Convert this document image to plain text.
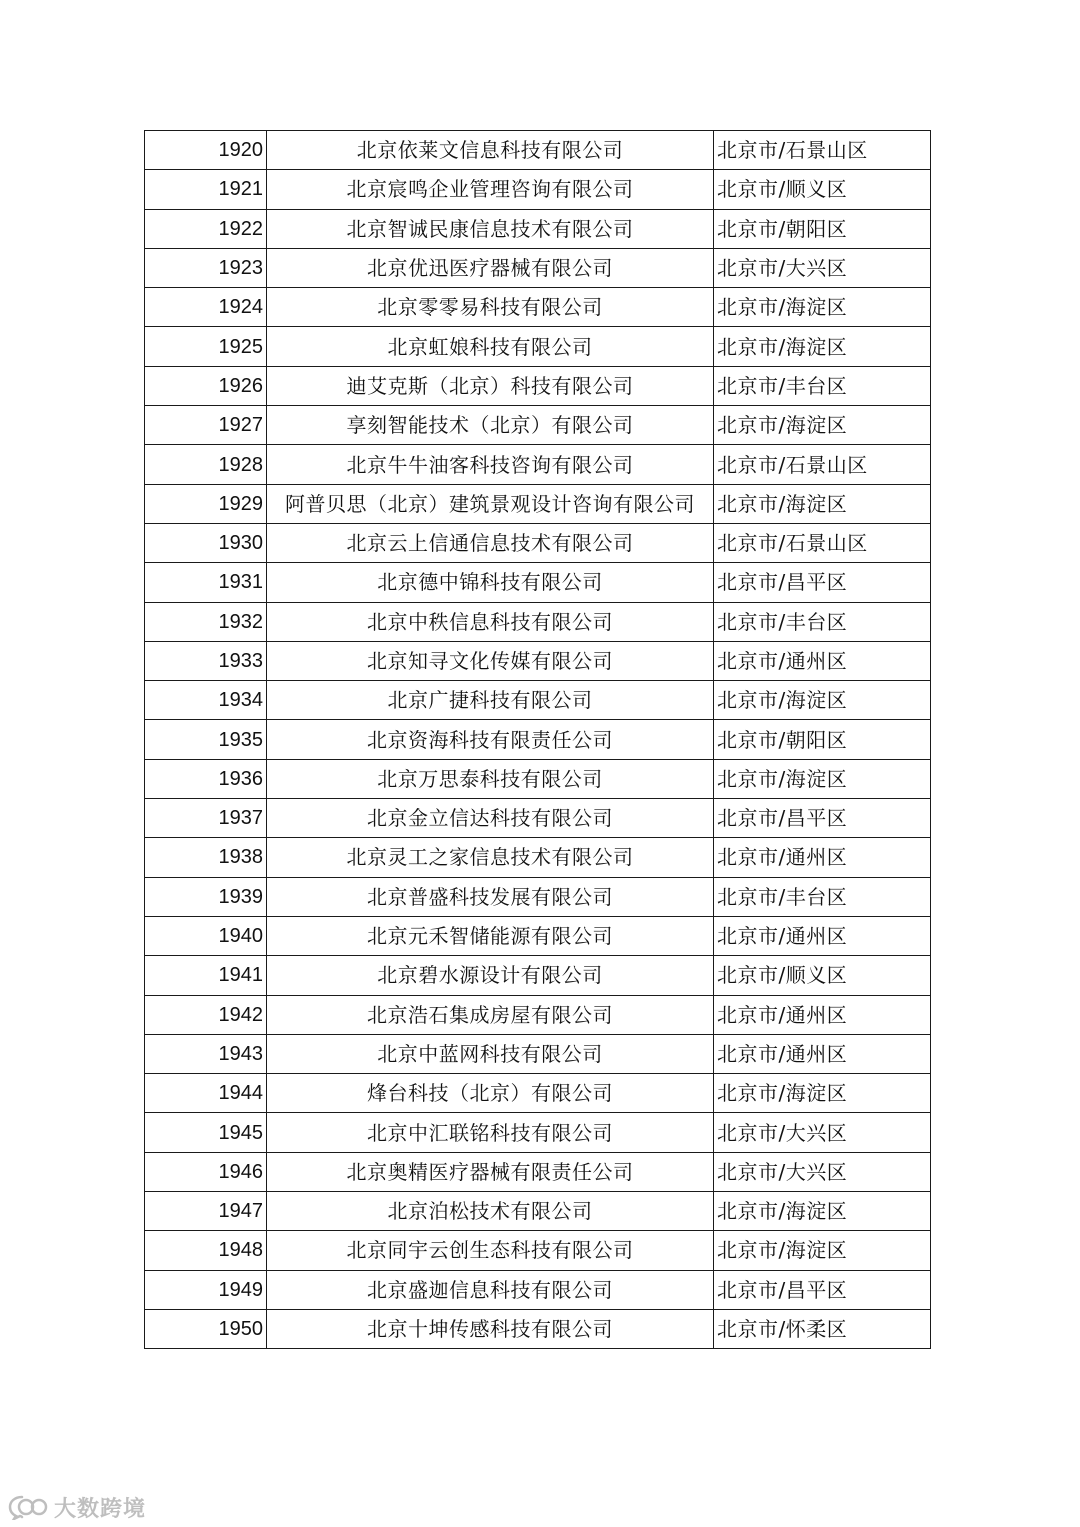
1920	北京依莱文信息科技有限公司	北京市/石景山区
1921	北京宸鸣企业管理咨询有限公司	北京市/顺义区
1922	北京智诚民康信息技术有限公司	北京市/朝阳区
1923	北京优迅医疗器械有限公司	北京市/大兴区
1924	北京零零易科技有限公司	北京市/海淀区
1925	北京虹娘科技有限公司	北京市/海淀区
1926	迪艾克斯（北京）科技有限公司	北京市/丰台区
1927	享刻智能技术（北京）有限公司	北京市/海淀区
1928	北京牛牛油客科技咨询有限公司	北京市/石景山区
1929	阿普贝思（北京）建筑景观设计咨询有限公司	北京市/海淀区
1930	北京云上信通信息技术有限公司	北京市/石景山区
1931	北京德中锦科技有限公司	北京市/昌平区
1932	北京中秩信息科技有限公司	北京市/丰台区
1933	北京知寻文化传媒有限公司	北京市/通州区
1934	北京广捷科技有限公司	北京市/海淀区
1935	北京资海科技有限责任公司	北京市/朝阳区
1936	北京万思泰科技有限公司	北京市/海淀区
1937	北京金立信达科技有限公司	北京市/昌平区
1938	北京灵工之家信息技术有限公司	北京市/通州区
1939	北京普盛科技发展有限公司	北京市/丰台区
1940	北京元禾智储能源有限公司	北京市/通州区
1941	北京碧水源设计有限公司	北京市/顺义区
1942	北京浩石集成房屋有限公司	北京市/通州区
1943	北京中蓝网科技有限公司	北京市/通州区
1944	烽台科技（北京）有限公司	北京市/海淀区
1945	北京中汇联铭科技有限公司	北京市/大兴区
1946	北京奥精医疗器械有限责任公司	北京市/大兴区
1947	北京泊松技术有限公司	北京市/海淀区
1948	北京同宇云创生态科技有限公司	北京市/海淀区
1949	北京盛迦信息科技有限公司	北京市/昌平区
1950	北京十坤传感科技有限公司	北京市/怀柔区
大数跨境
